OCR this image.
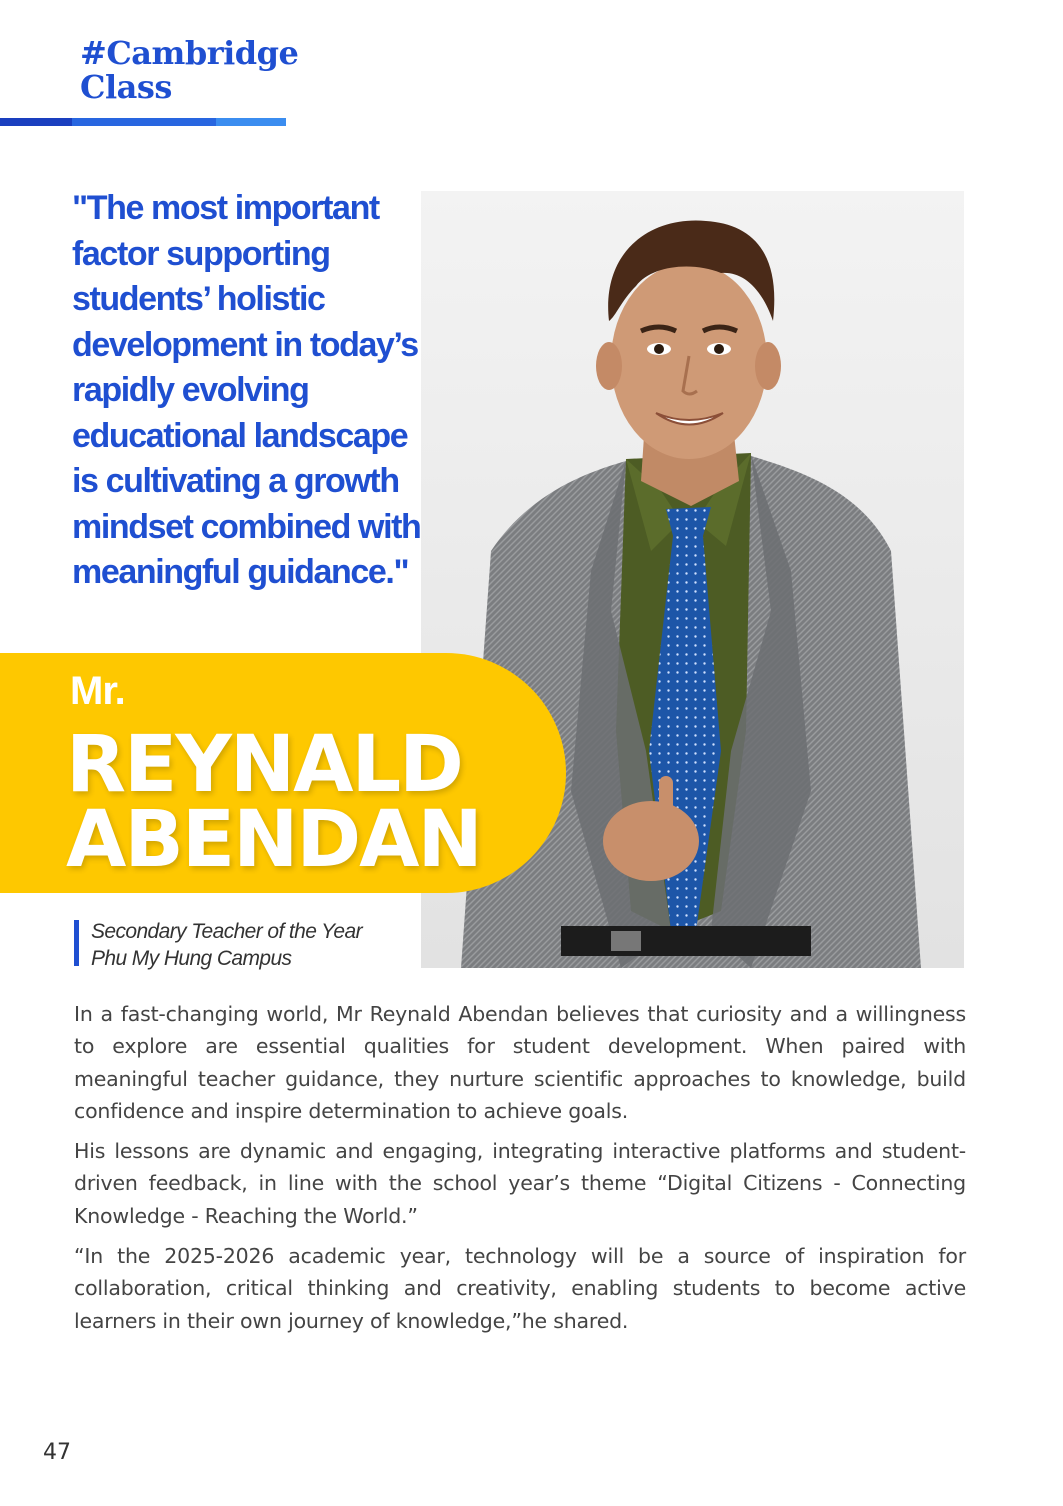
#Cambridge
Class
"The most important factor supporting students’ holistic development in today’s rapidly evolving educational landscape is cultivating a growth mindset combined with meaningful guidance."
Mr.
REYNALD
ABENDAN
Secondary Teacher of the Year
Phu My Hung Campus

In a fast-changing world, Mr Reynald Abendan believes that curiosity and a willingness to explore are essential qualities for student development. When paired with meaningful teacher guidance, they nurture scientific approaches to knowledge, build confidence and inspire determination to achieve goals.

His lessons are dynamic and engaging, integrating interactive platforms and student-driven feedback, in line with the school year’s theme “Digital Citizens - Connecting Knowledge - Reaching the World.”

“In the 2025-2026 academic year, technology will be a source of inspiration for collaboration, critical thinking and creativity, enabling students to become active learners in their own journey of knowledge,”he shared.

47
